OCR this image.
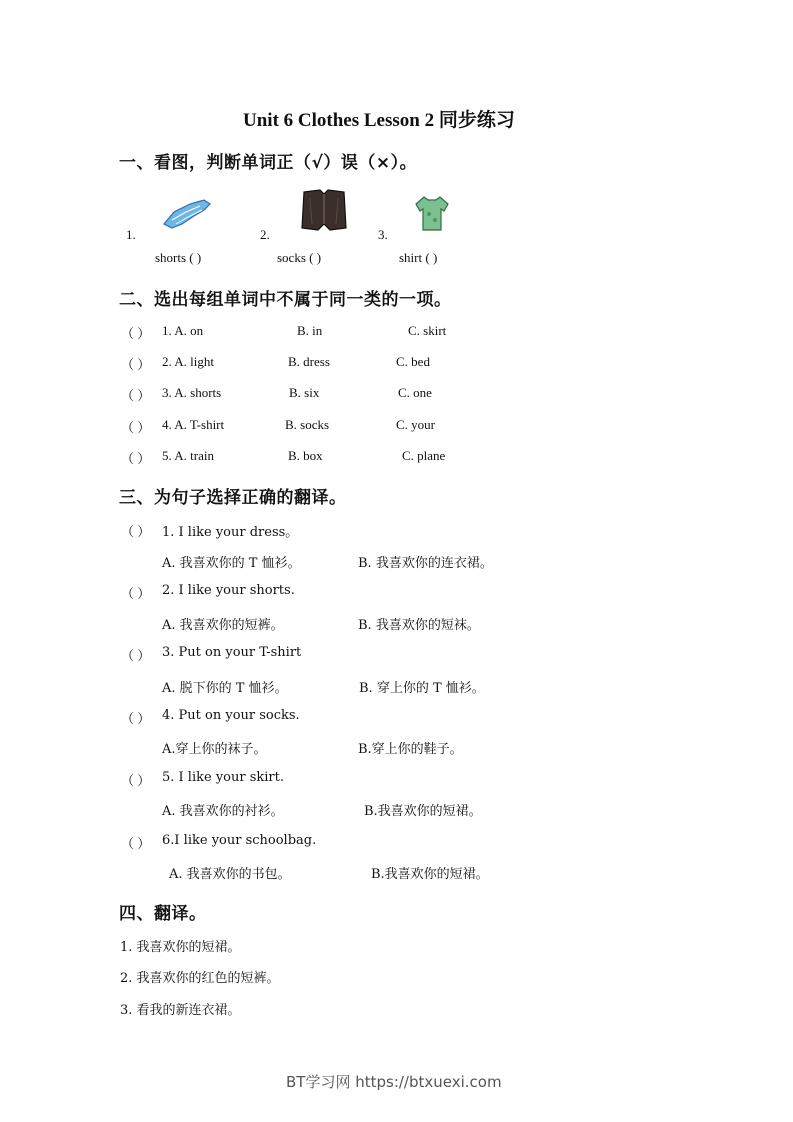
Unit 6 Clothes Lesson 2 同步练习
一、看图，判断单词正（√）误（×）。
1.	2.	3.
shorts ( )	socks ( )	shirt ( )
二、选出每组单词中不属于同一类的一项。
（ ） 1. A. on	B. in	C. skirt
（ ） 2. A. light	B. dress	C. bed
（ ） 3. A. shorts	B. six	C. one
（ ） 4. A. T-shirt	B. socks	C. your
（ ） 5. A. train	B. box	C. plane
三、为句子选择正确的翻译。
（ ） 1. I like your dress。
A. 我喜欢你的 T 恤衫。	B. 我喜欢你的连衣裙。
（ ） 2. I like your shorts.
A. 我喜欢你的短裤。	B. 我喜欢你的短袜。
（ ） 3. Put on your T-shirt
A. 脱下你的 T 恤衫。	B. 穿上你的 T 恤衫。
（ ） 4. Put on your socks.
A.穿上你的袜子。	B.穿上你的鞋子。
（ ） 5. I like your skirt.
A. 我喜欢你的衬衫。	B.我喜欢你的短裙。
（ ） 6.I like your schoolbag.
A. 我喜欢你的书包。	B.我喜欢你的短裙。
四、翻译。
1. 我喜欢你的短裙。
2. 我喜欢你的红色的短裤。
3. 看我的新连衣裙。
BT学习网 https://btxuexi.com
